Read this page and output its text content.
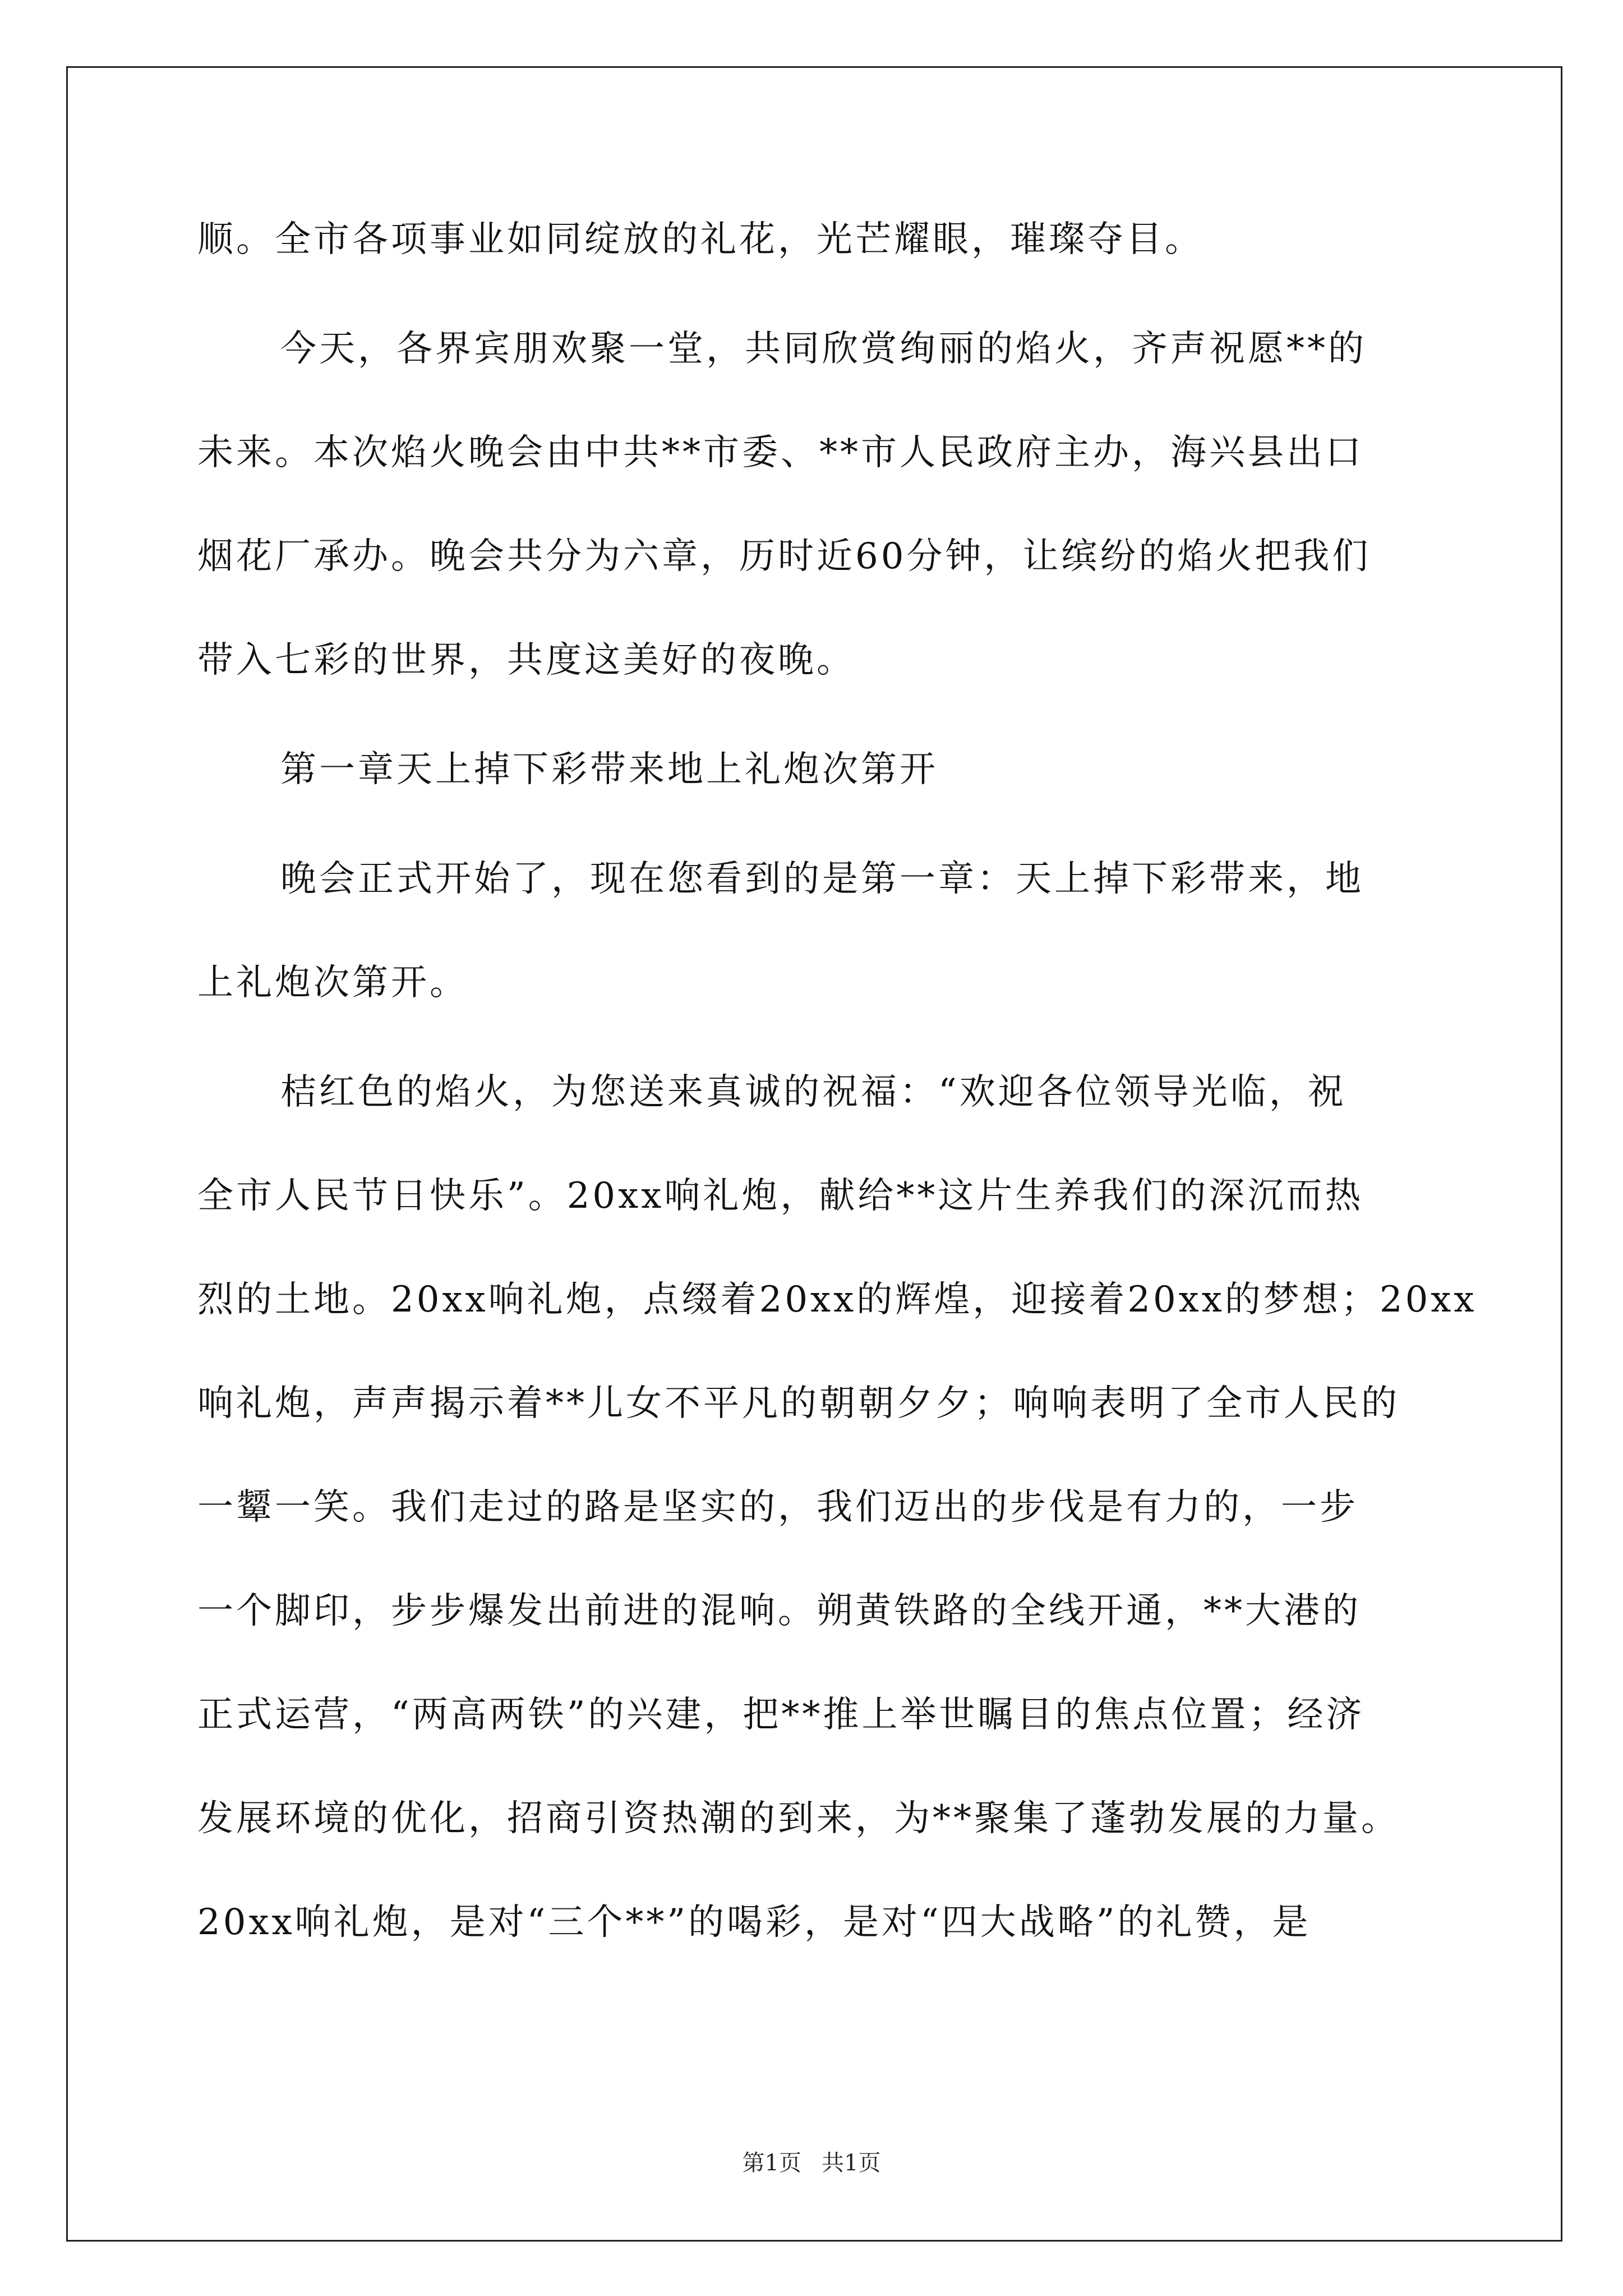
顺。全市各项事业如同绽放的礼花，光芒耀眼，璀璨夺目。
今天，各界宾朋欢聚一堂，共同欣赏绚丽的焰火，齐声祝愿**的
未来。本次焰火晚会由中共**市委、**市人民政府主办，海兴县出口
烟花厂承办。晚会共分为六章，历时近60分钟，让缤纷的焰火把我们
带入七彩的世界，共度这美好的夜晚。
第一章天上掉下彩带来地上礼炮次第开
晚会正式开始了，现在您看到的是第一章：天上掉下彩带来，地
上礼炮次第开。
桔红色的焰火，为您送来真诚的祝福：“欢迎各位领导光临，祝
全市人民节日快乐”。20xx响礼炮，献给**这片生养我们的深沉而热
烈的土地。20xx响礼炮，点缀着20xx的辉煌，迎接着20xx的梦想；20xx
响礼炮，声声揭示着**儿女不平凡的朝朝夕夕；响响表明了全市人民的
一颦一笑。我们走过的路是坚实的，我们迈出的步伐是有力的，一步
一个脚印，步步爆发出前进的混响。朔黄铁路的全线开通，**大港的
正式运营，“两高两铁”的兴建，把**推上举世瞩目的焦点位置；经济
发展环境的优化，招商引资热潮的到来，为**聚集了蓬勃发展的力量。
20xx响礼炮，是对“三个**”的喝彩，是对“四大战略”的礼赞，是
第1页 共1页
